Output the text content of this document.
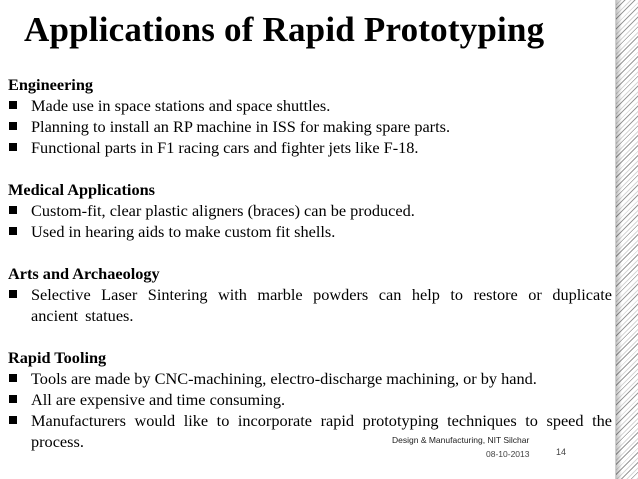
Applications of Rapid Prototyping
Engineering
Made use in space stations and space shuttles.
Planning to install an RP machine in ISS for making spare parts.
Functional parts in F1 racing cars and fighter jets like F-18.
Medical Applications
Custom-fit, clear plastic aligners (braces) can be produced.
Used in hearing aids to make custom fit shells.
Arts and Archaeology
Selective Laser Sintering with marble powders can help to restore or duplicate ancient statues.
Rapid Tooling
Tools are made by CNC-machining, electro-discharge machining, or by hand.
All are expensive and time consuming.
Manufacturers would like to incorporate rapid prototyping techniques to speed the process.	Design & Manufacturing, NIT Silchar
08-10-2013	14
